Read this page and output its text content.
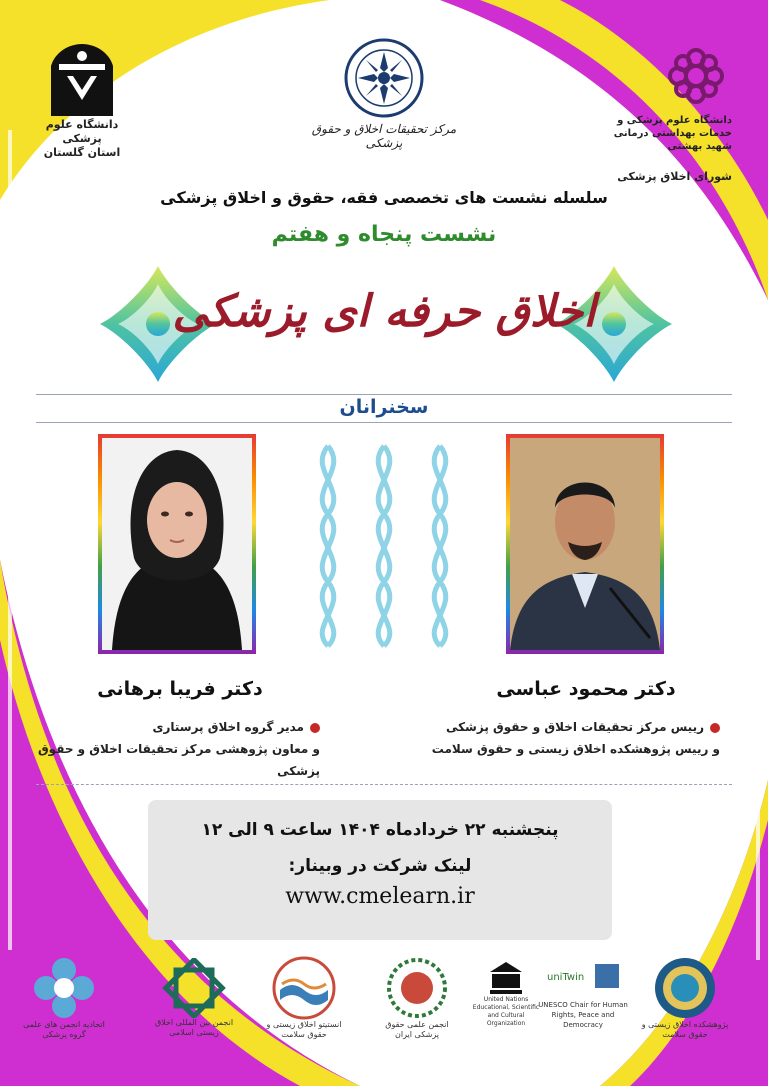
دانشگاه علوم پزشکی
استان گلستان
مرکز تحقیقات اخلاق و حقوق پزشکی
دانشگاه علوم پزشکی و خدمات بهداشتی درمانی شهید بهشتی
شورای اخلاق پزشکی
سلسله نشست های تخصصی فقه، حقوق و اخلاق پزشکی
نشست پنجاه و هفتم
اخلاق حرفه ای پزشکی
سخنرانان
دکتر فریبا برهانی	دکتر محمود عباسی
مدیر گروه اخلاق پرستاری
و معاون پژوهشی مرکز تحقیقات اخلاق و حقوق پزشکی
رییس مرکز تحقیقات اخلاق و حقوق پزشکی
و رییس پژوهشکده اخلاق زیستی و حقوق سلامت
پنجشنبه ۲۲ خردادماه ۱۴۰۴ ساعت ۹ الی ۱۲
لینک شرکت در وبینار:
www.cmelearn.ir
پژوهشکده اخلاق زیستی و حقوق سلامت
uniTwin
UNESCO Chair for Human Rights, Peace and Democracy
United Nations Educational, Scientific and Cultural Organization
انجمن علمی حقوق پزشکی ایران
انستیتو اخلاق زیستی و حقوق سلامت
انجمن بین المللی اخلاق زیستی اسلامی
اتحادیه انجمن های علمی گروه پزشکی
